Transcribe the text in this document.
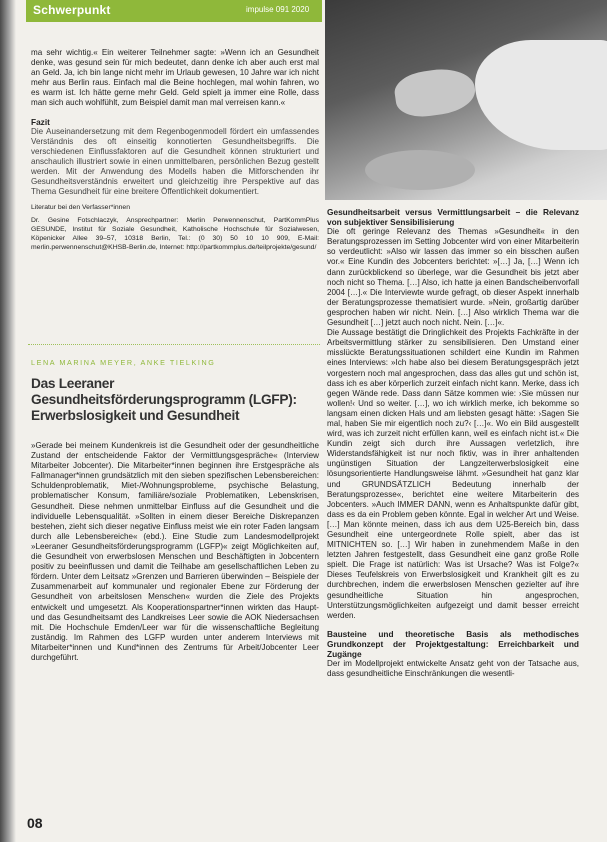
Schwerpunkt	impulse 091 2020

ma sehr wichtig.« Ein weiterer Teilnehmer sagte: »Wenn ich an Gesundheit denke, was gesund sein für mich bedeutet, dann denke ich aber auch erst mal an Geld. Ja, ich bin lange nicht mehr im Urlaub gewesen, 10 Jahre war ich nicht mehr aus Berlin raus. Einfach mal die Beine hochlegen, mal wohin fahren, wo es warm ist. Ich hätte gerne mehr Geld. Geld spielt ja immer eine Rolle, dass man sich auch wohlfühlt, zum Beispiel damit man mal verreisen kann.«

Fazit

Die Auseinandersetzung mit dem Regenbogenmodell fördert ein umfassendes Verständnis des oft einseitig konnotierten Gesundheitsbegriffs. Die verschiedenen Einflussfaktoren auf die Gesundheit können strukturiert und anschaulich illustriert sowie in einen unmittelbaren, persönlichen Bezug gestellt werden. Mit der Anwendung des Modells haben die Mitforschenden ihr Gesundheitsverständnis erweitert und gleichzeitig ihre Perspektive auf das Thema Gesundheit für eine breitere Öffentlichkeit dokumentiert.

Literatur bei den Verfasser*innen

Dr. Gesine Fotschlaczyk, Ansprechpartner: Merlin Perwennenschut, PartKommPlus GESUNDE, Institut für Soziale Gesundheit, Katholische Hochschule für Sozialwesen, Köpenicker Allee 39–57, 10318 Berlin, Tel.: (0 30) 50 10 10 909, E-Mail: merlin.perwennenschut@KHSB-Berlin.de, Internet: http://partkommplus.de/teilprojekte/gesund/

LENA MARINA MEYER, ANKE TIELKING
Das Leeraner Gesundheitsförderungsprogramm (LGFP): Erwerbslosigkeit und Gesundheit

»Gerade bei meinem Kundenkreis ist die Gesundheit oder der gesundheitliche Zustand der entscheidende Faktor der Vermittlungsgespräche« (Interview Mitarbeiter Jobcenter). Die Mitarbeiter*innen beginnen ihre Erstgespräche als Fallmanager*innen grundsätzlich mit den sieben spezifischen Lebensbereichen: Schuldenproblematik, Miet-/Wohnungsprobleme, psychische Belastung, problematischer Konsum, familiäre/soziale Problematiken, Lebenskrisen, Gesundheit. Diese nehmen unmittelbar Einfluss auf die Gesundheit und die individuelle Lebensqualität. »Sollten in einem dieser Bereiche Diskrepanzen bestehen, zieht sich dieser negative Einfluss meist wie ein roter Faden langsam durch alle Lebensbereiche« (ebd.). Eine Studie zum Landesmodellprojekt »Leeraner Gesundheitsförderungsprogramm (LGFP)« zeigt Möglichkeiten auf, die Gesundheit von erwerbslosen Menschen und Beschäftigten in Jobcentern positiv zu beeinflussen und damit die Teilhabe am gesellschaftlichen Leben zu fördern. Unter dem Leitsatz »Grenzen und Barrieren überwinden – Beispiele der Zusammenarbeit auf kommunaler und regionaler Ebene zur Förderung der Gesundheit von arbeitslosen Menschen« wurden die Ziele des Projekts entwickelt und umgesetzt. Als Kooperationspartner*innen wirkten das Haupt- und das Gesundheitsamt des Landkreises Leer sowie die AOK Niedersachsen mit. Die Hochschule Emden/Leer war für die wissenschaftliche Begleitung zuständig. Im Rahmen des LGFP wurden unter anderem Interviews mit Mitarbeiter*innen und Kund*innen des Zentrums für Arbeit/Jobcenter Leer durchgeführt.

Gesundheitsarbeit versus Vermittlungsarbeit – die Relevanz von subjektiver Sensibilisierung

Die oft geringe Relevanz des Themas »Gesundheit« in den Beratungsprozessen im Setting Jobcenter wird von einer Mitarbeiterin so verdeutlicht: »Also wir lassen das immer so ein bisschen außen vor.« Eine Kundin des Jobcenters berichtet: »[…] Ja, […] Wenn ich dann zurückblickend so überlege, war die Gesundheit bis jetzt aber noch nicht so Thema. […] Also, ich hatte ja einen Bandscheibenvorfall 2004 […].« Die Interviewte wurde gefragt, ob dieser Aspekt innerhalb der Beratungsprozesse thematisiert wurde. »Nein, großartig darüber gesprochen haben wir nicht. Nein. […] Also wirklich Thema war die Gesundheit […] jetzt auch noch nicht. Nein. […]«.

Die Aussage bestätigt die Dringlichkeit des Projekts Fachkräfte in der Arbeitsvermittlung stärker zu sensibilisieren. Den Umstand einer misslückte Beratungssituationen schildert eine Kundin im Rahmen eines Interviews: »Ich habe also bei diesem Beratungsgespräch jetzt vorgestern noch mal angesprochen, dass das alles gut und schön ist, dass ich es aber körperlich zurzeit einfach nicht kann. Merke, dass ich gegen Wände rede. Dass dann Sätze kommen wie: ›Sie müssen nur wollen!‹ Und so weiter. […], wo ich wirklich merke, ich bekomme so langsam einen dicken Hals und am liebsten gesagt hätte: ›Sagen Sie mal, haben Sie mir eigentlich noch zu?‹ […]«. Wo ein Bild ausgestellt wird, was ich zurzeit nicht erfüllen kann, weil es einfach nicht ist.« Die Kundin zeigt sich durch ihre Aussagen verletzlich, ihre Widerstandsfähigkeit ist nur noch fiktiv, was in ihrer anhaltenden ungünstigen Situation der Langzeiterwerbslosigkeit eine lösungsorientierte Handlungsweise lähmt. »Gesundheit hat ganz klar und GRUNDSÄTZLICH Bedeutung innerhalb der Beratungsprozesse«, berichtet eine weitere Mitarbeiterin des Jobcenters. »Auch IMMER DANN, wenn es Anhaltspunkte dafür gibt, dass es da ein Problem geben könnte. Egal in welcher Art und Weise. […] Man könnte meinen, dass ich aus dem U25-Bereich bin, dass Gesundheit eine untergeordnete Rolle spielt, aber das ist MITNICHTEN so. […] Wir haben in zunehmendem Maße in den letzten Jahren festgestellt, dass Gesundheit eine ganz große Rolle spielt. Die Frage ist natürlich: Was ist Ursache? Was ist Folge?« Dieses Teufelskreis von Erwerbslosigkeit und Krankheit gilt es zu durchbrechen, indem die erwerbslosen Menschen gezielter auf ihre gesundheitliche Situation hin angesprochen, Unterstützungsmöglichkeiten aufgezeigt und damit besser erreicht werden.

Bausteine und theoretische Basis als methodisches Grundkonzept der Projektgestaltung: Erreichbarkeit und Zugänge

Der im Modellprojekt entwickelte Ansatz geht von der Tatsache aus, dass gesundheitliche Einschränkungen die wesentli-

08
